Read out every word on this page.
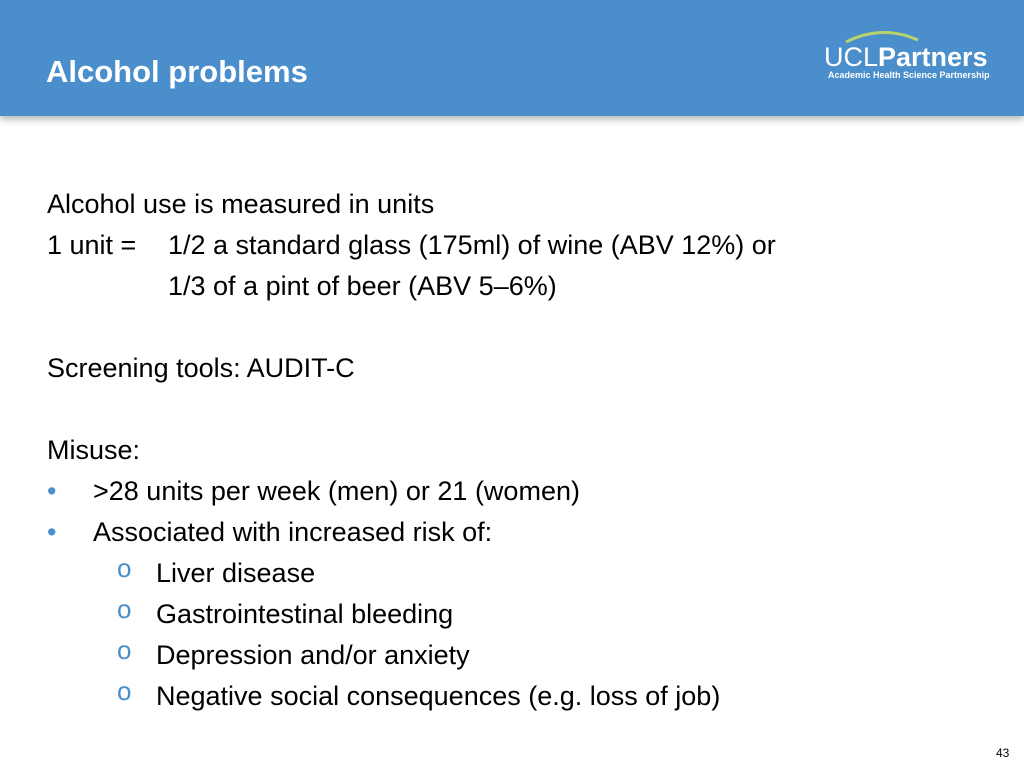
Alcohol problems	UCLPartners
Academic Health Science Partnership
Alcohol use is measured in units
1 unit =	1/2 a standard glass (175ml) of wine (ABV 12%) or
1/3 of a pint of beer (ABV 5–6%)
Screening tools: AUDIT-C
Misuse:
•	>28 units per week (men) or 21 (women)
•	Associated with increased risk of:
o Liver disease
o Gastrointestinal bleeding
o Depression and/or anxiety
o Negative social consequences (e.g. loss of job)
43
